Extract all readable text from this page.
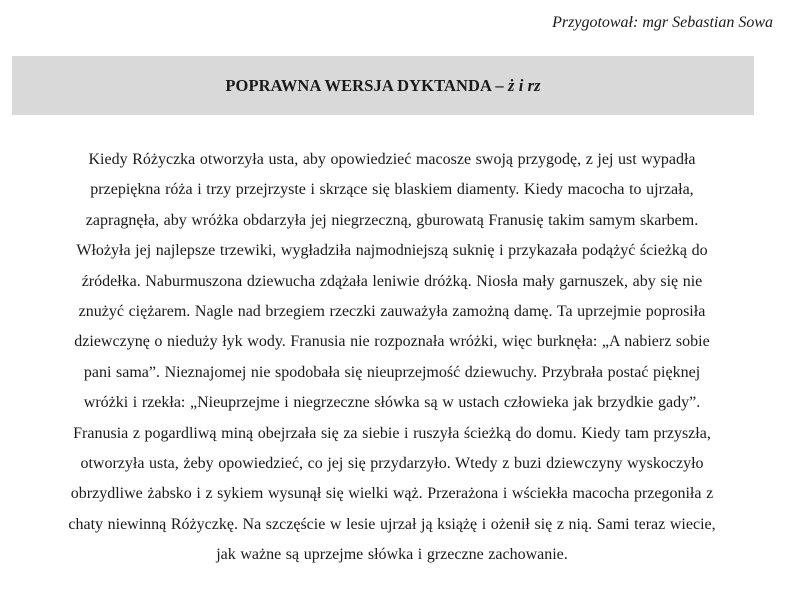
Przygotował: mgr Sebastian Sowa
POPRAWNA WERSJA DYKTANDA – ż i rz
Kiedy Różyczka otworzyła usta, aby opowiedzieć macosze swoją przygodę, z jej ust wypadła
przepiękna róża i trzy przejrzyste i skrzące się blaskiem diamenty. Kiedy macocha to ujrzała,
zapragnęła, aby wróżka obdarzyła jej niegrzeczną, gburowatą Franusię takim samym skarbem.
Włożyła jej najlepsze trzewiki, wygładziła najmodniejszą suknię i przykazała podążyć ścieżką do
źródełka. Naburmuszona dziewucha zdążała leniwie dróżką. Niosła mały garnuszek, aby się nie
znużyć ciężarem. Nagle nad brzegiem rzeczki zauważyła zamożną damę. Ta uprzejmie poprosiła
dziewczynę o nieduży łyk wody. Franusia nie rozpoznała wróżki, więc burknęła: „A nabierz sobie
pani sama”. Nieznajomej nie spodobała się nieuprzejmość dziewuchy. Przybrała postać pięknej
wróżki i rzekła: „Nieuprzejme i niegrzeczne słówka są w ustach człowieka jak brzydkie gady”.
Franusia z pogardliwą miną obejrzała się za siebie i ruszyła ścieżką do domu. Kiedy tam przyszła,
otworzyła usta, żeby opowiedzieć, co jej się przydarzyło. Wtedy z buzi dziewczyny wyskoczyło
obrzydliwe żabsko i z sykiem wysunął się wielki wąż. Przerażona i wściekła macocha przegoniła z
chaty niewinną Różyczkę. Na szczęście w lesie ujrzał ją książę i ożenił się z nią. Sami teraz wiecie,
jak ważne są uprzejme słówka i grzeczne zachowanie.
